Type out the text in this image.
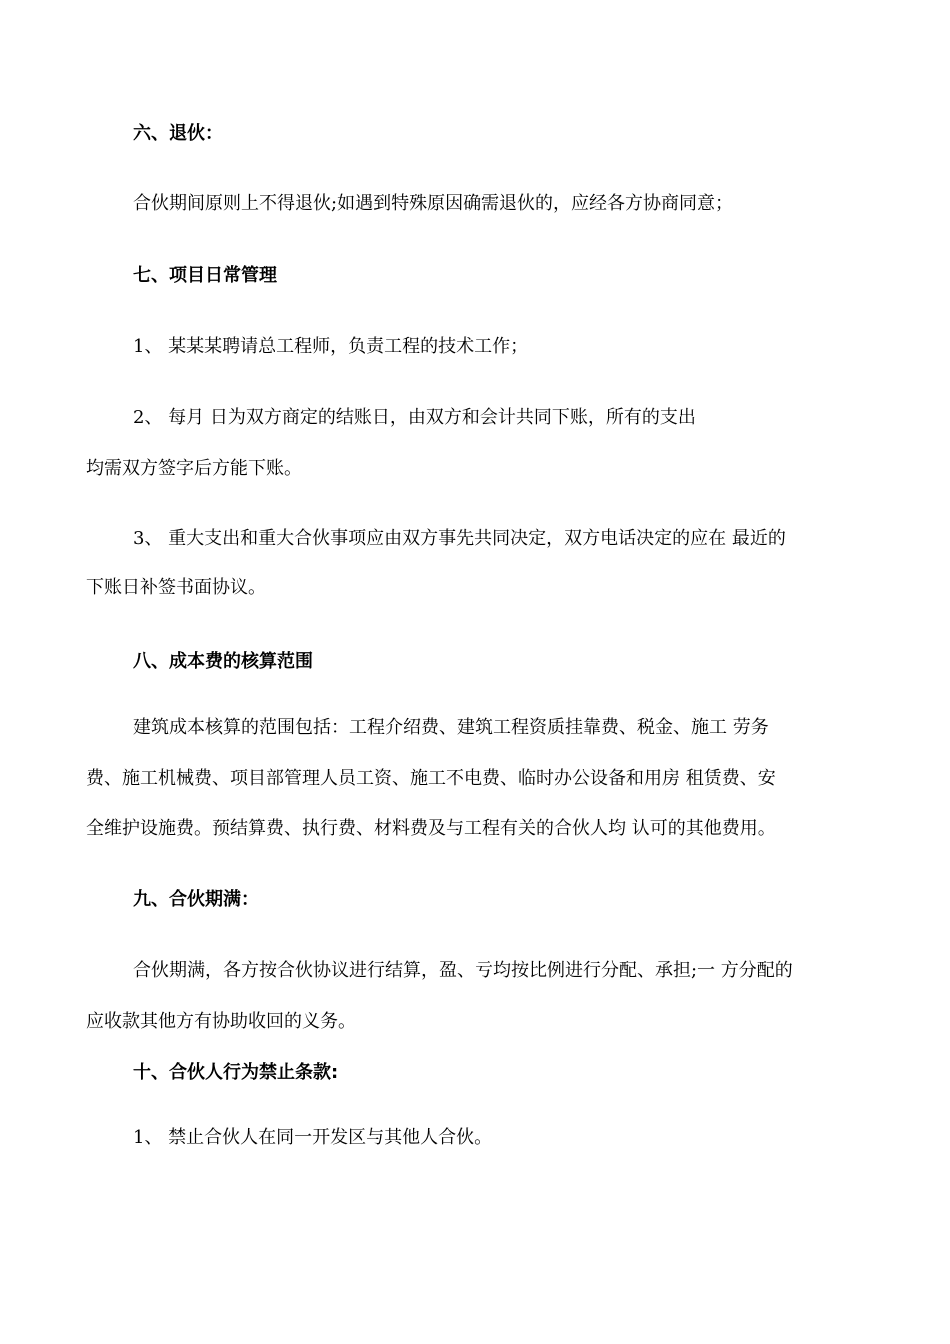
六、退伙：
合伙期间原则上不得退伙;如遇到特殊原因确需退伙的，应经各方协商同意；
七、项目日常管理
1、 某某某聘请总工程师，负责工程的技术工作；
2、 每月 日为双方商定的结账日，由双方和会计共同下账，所有的支出
均需双方签字后方能下账。
3、 重大支出和重大合伙事项应由双方事先共同决定，双方电话决定的应在 最近的
下账日补签书面协议。
八、成本费的核算范围
建筑成本核算的范围包括：工程介绍费、建筑工程资质挂靠费、税金、施工 劳务
费、施工机械费、项目部管理人员工资、施工不电费、临时办公设备和用房 租赁费、安
全维护设施费。预结算费、执行费、材料费及与工程有关的合伙人均 认可的其他费用。
九、合伙期满：
合伙期满，各方按合伙协议进行结算，盈、亏均按比例进行分配、承担;一 方分配的
应收款其他方有协助收回的义务。
十、合伙人行为禁止条款:
1、 禁止合伙人在同一开发区与其他人合伙。
